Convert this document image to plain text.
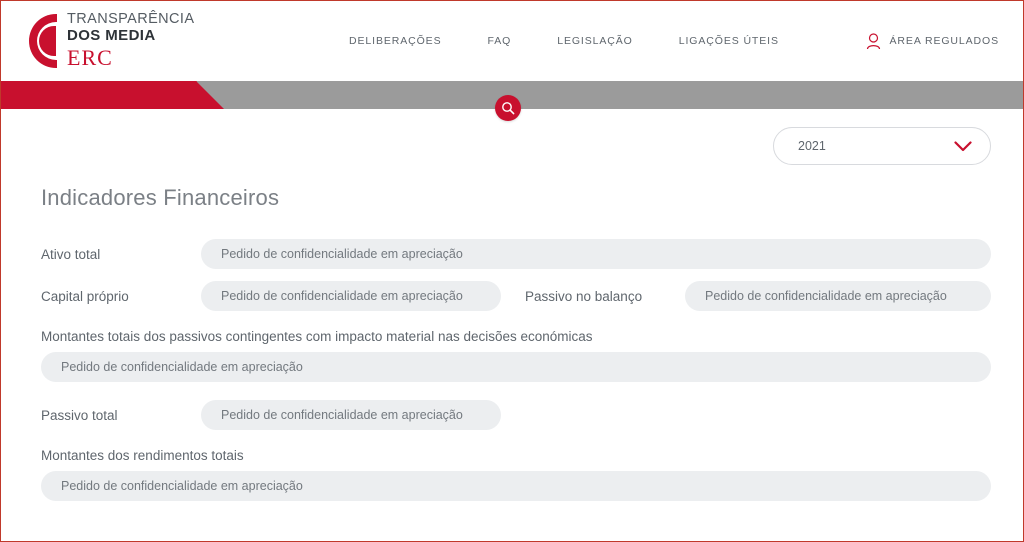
TRANSPARÊNCIA
DOS MEDIA
ERC
DELIBERAÇÕES	FAQ	LEGISLAÇÃO	LIGAÇÕES ÚTEIS	ÁREA REGULADOS
2021
Indicadores Financeiros
Ativo total	Pedido de confidencialidade em apreciação
Capital próprio	Pedido de confidencialidade em apreciação	Passivo no balanço	Pedido de confidencialidade em apreciação
Montantes totais dos passivos contingentes com impacto material nas decisões económicas
Pedido de confidencialidade em apreciação
Passivo total	Pedido de confidencialidade em apreciação
Montantes dos rendimentos totais
Pedido de confidencialidade em apreciação
